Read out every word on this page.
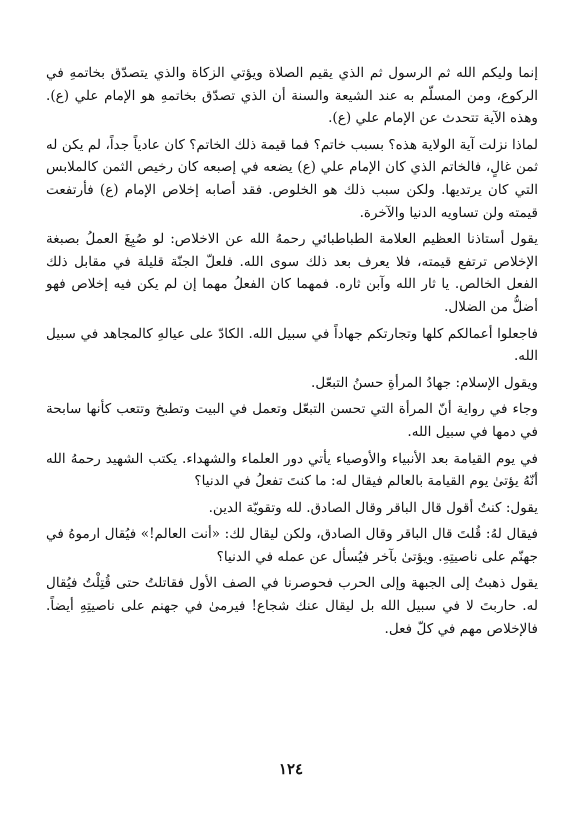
إنما وليكم الله ثم الرسول ثم الذي يقيم الصلاة ويؤتي الزكاة والذي يتصدّق بخاتمهِ في الركوع، ومن المسلّم به عند الشيعة والسنة أن الذي تصدّق بخاتمهِ هو الإمام علي (ع). وهذه الآية تتحدث عن الإمام علي (ع).

لماذا نزلت آية الولاية هذه؟ بسبب خاتم؟ فما قيمة ذلك الخاتم؟ كان عادياً جداً، لم يكن له ثمن غالٍ، فالخاتم الذي كان الإمام علي (ع) يضعه في إصبعه كان رخيص الثمن كالملابس التي كان يرتديها. ولكن سبب ذلك هو الخلوص. فقد أصابه إخلاص الإمام (ع) فأرتفعت قيمته ولن تساويه الدنيا والآخرة.

يقول أستاذنا العظيم العلامة الطباطبائي رحمهُ الله عن الاخلاص: لو صُبِغَ العملُ بصبغة الإخلاص ترتفع قيمته، فلا يعرف بعد ذلك سوى الله. فلعلّ الجنّة قليلة في مقابل ذلك الفعل الخالص. يا ثار الله وآبن ثاره. فمهما كان الفعلُ مهما إن لم يكن فيه إخلاص فهو أضلُّ من الضلال.

فاجعلوا أعمالكم كلها وتجارتكم جهاداً في سبيل الله. الكادّ على عيالهِ كالمجاهد في سبيل الله.

ويقول الإسلام: جهادُ المرأةِ حسنُ التبعّل.

وجاء في رواية أنّ المرأة التي تحسن التبعّل وتعمل في البيت وتطبخ وتتعب كأنها سابحة في دمها في سبيل الله.

في يوم القيامة بعد الأنبياء والأوصياء يأتي دور العلماء والشهداء. يكتب الشهيد رحمهُ الله أنّهُ يؤتىٰ يوم القيامة بالعالم فيقال له: ما كنتَ تفعلُ في الدنيا؟

يقول: كنتُ أقول قال الباقر وقال الصادق. لله وتقويّة الدين.

فيقال لهُ: قُلتَ قال الباقر وقال الصادق، ولكن ليقال لك: «أنت العالم!» فيُقال ارموهُ في جهنّم على ناصيتِهِ. ويؤتىٰ بآخر فيُسأل عن عمله في الدنيا؟

يقول ذهبتُ إلى الجبهة وإلى الحرب فحوصرنا في الصف الأول فقاتلتُ حتى قُتِلْتُ فيُقال له. حاربتَ لا في سبيل الله بل ليقال عنك شجاع! فيرمىٰ في جهنم على ناصيتِهِ أيضاً. فالإخلاص مهم في كلّ فعل.

١٢٤
